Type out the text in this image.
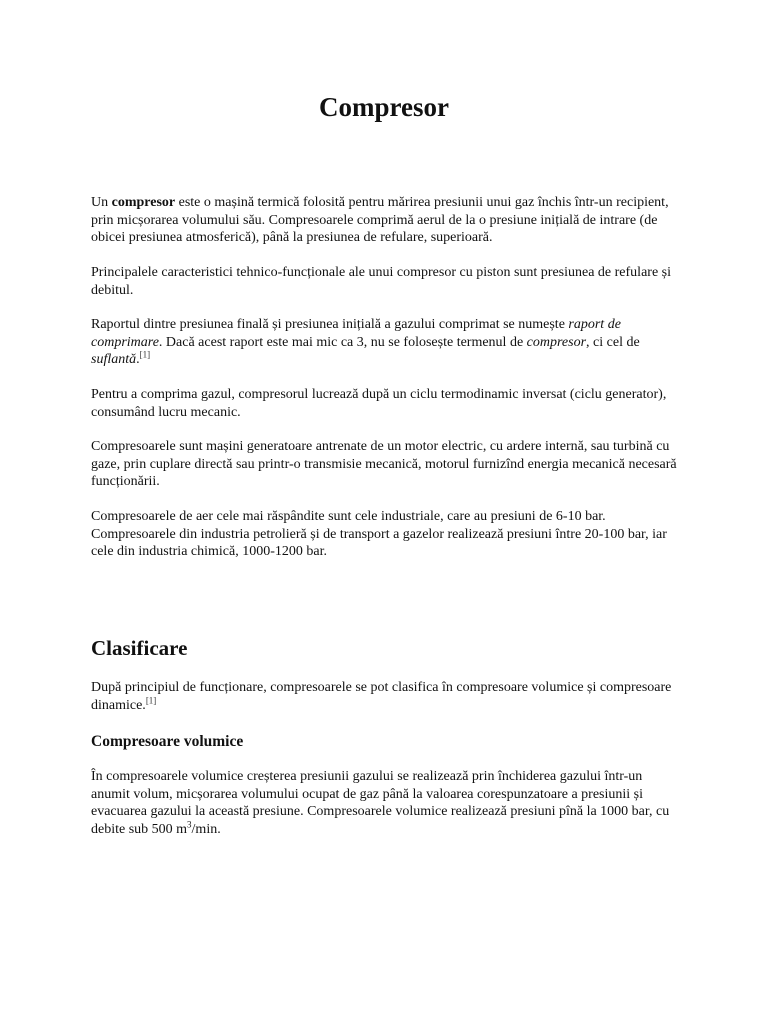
Compresor

Un compresor este o mașină termică folosită pentru mărirea presiunii unui gaz închis într-un recipient, prin micșorarea volumului său. Compresoarele comprimă aerul de la o presiune inițială de intrare (de obicei presiunea atmosferică), până la presiunea de refulare, superioară.

Principalele caracteristici tehnico-funcționale ale unui compresor cu piston sunt presiunea de refulare și debitul.

Raportul dintre presiunea finală și presiunea inițială a gazului comprimat se numește raport de comprimare. Dacă acest raport este mai mic ca 3, nu se folosește termenul de compresor, ci cel de suflantă.[1]

Pentru a comprima gazul, compresorul lucrează după un ciclu termodinamic inversat (ciclu generator), consumând lucru mecanic.

Compresoarele sunt mașini generatoare antrenate de un motor electric, cu ardere internă, sau turbină cu gaze, prin cuplare directă sau printr-o transmisie mecanică, motorul furnizînd energia mecanică necesară funcționării.

Compresoarele de aer cele mai răspândite sunt cele industriale, care au presiuni de 6-10 bar. Compresoarele din industria petrolieră și de transport a gazelor realizează presiuni între 20-100 bar, iar cele din industria chimică, 1000-1200 bar.

Clasificare

După principiul de funcționare, compresoarele se pot clasifica în compresoare volumice și compresoare dinamice.[1]

Compresoare volumice

În compresoarele volumice creșterea presiunii gazului se realizează prin închiderea gazului într-un anumit volum, micșorarea volumului ocupat de gaz până la valoarea corespunzatoare a presiunii și evacuarea gazului la această presiune. Compresoarele volumice realizează presiuni pînă la 1000 bar, cu debite sub 500 $m^3/\min$.
